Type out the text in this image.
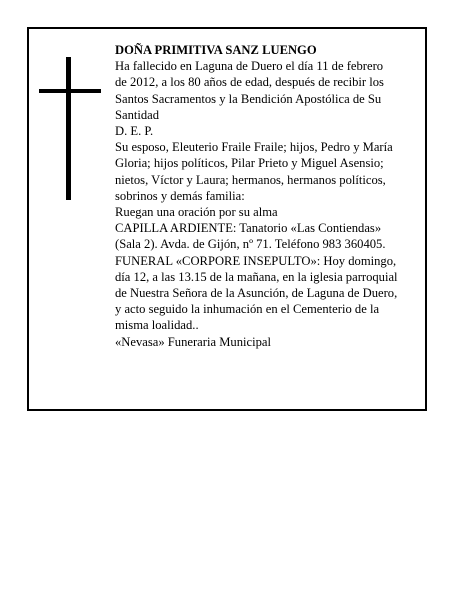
DOÑA PRIMITIVA SANZ LUENGO
Ha fallecido en Laguna de Duero el día 11 de febrero
de 2012, a los 80 años de edad, después de recibir los
Santos Sacramentos y la Bendición Apostólica de Su
Santidad
D. E. P.
Su esposo, Eleuterio Fraile Fraile; hijos, Pedro y María
Gloria; hijos políticos, Pilar Prieto y Miguel Asensio;
nietos, Víctor y Laura; hermanos, hermanos políticos,
sobrinos y demás familia:
Ruegan una oración por su alma
CAPILLA ARDIENTE: Tanatorio «Las Contiendas»
(Sala 2). Avda. de Gijón, nº 71. Teléfono 983 360405.
FUNERAL «CORPORE INSEPULTO»: Hoy domingo,
día 12, a las 13.15 de la mañana, en la iglesia parroquial
de Nuestra Señora de la Asunción, de Laguna de Duero,
y acto seguido la inhumación en el Cementerio de la
misma loalidad..
«Nevasa» Funeraria Municipal
